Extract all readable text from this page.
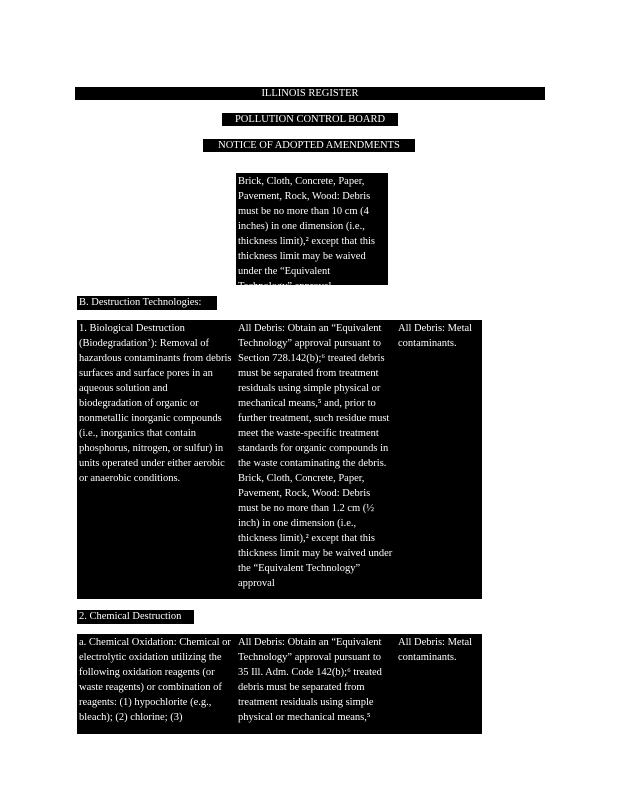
ILLINOIS REGISTER
POLLUTION CONTROL BOARD
NOTICE OF ADOPTED AMENDMENTS
Brick, Cloth, Concrete, Paper, Pavement, Rock, Wood: Debris must be no more than 10 cm (4 inches) in one dimension (i.e., thickness limit),² except that this thickness limit may be waived under the “Equivalent Technology” approval
B. Destruction Technologies:
1. Biological Destruction (Biodegradation’): Removal of hazardous contaminants from debris surfaces and surface pores in an aqueous solution and biodegradation of organic or nonmetallic inorganic compounds (i.e., inorganics that contain phosphorus, nitrogen, or sulfur) in units operated under either aerobic or anaerobic conditions.
All Debris: Obtain an “Equivalent Technology” approval pursuant to Section 728.142(b);⁶ treated debris must be separated from treatment residuals using simple physical or mechanical means,⁵ and, prior to further treatment, such residue must meet the waste-specific treatment standards for organic compounds in the waste contaminating the debris.
Brick, Cloth, Concrete, Paper, Pavement, Rock, Wood: Debris must be no more than 1.2 cm (½ inch) in one dimension (i.e., thickness limit),² except that this thickness limit may be waived under the “Equivalent Technology” approval
All Debris: Metal contaminants.
2. Chemical Destruction
a. Chemical Oxidation: Chemical or electrolytic oxidation utilizing the following oxidation reagents (or waste reagents) or combination of reagents: (1) hypochlorite (e.g., bleach); (2) chlorine; (3)
All Debris: Obtain an “Equivalent Technology” approval pursuant to 35 Ill. Adm. Code 142(b);⁶ treated debris must be separated from treatment residuals using simple physical or mechanical means,⁵
All Debris: Metal contaminants.
